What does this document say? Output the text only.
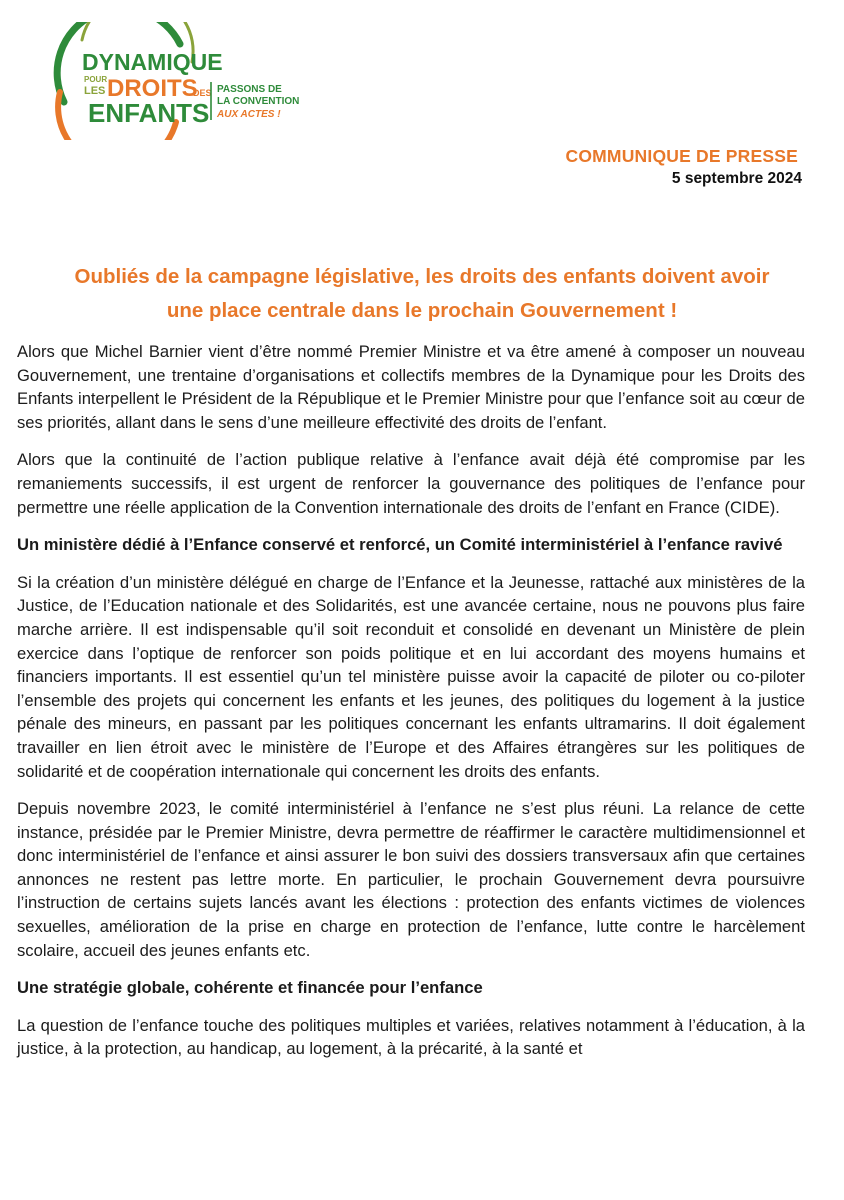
DYNAMIQUE
POUR
LES DROITS
DES
ENFANTS
PASSONS DE
LA CONVENTION
AUX ACTES !
COMMUNIQUE DE PRESSE
5 septembre 2024
Oubliés de la campagne législative, les droits des enfants doivent avoir
une place centrale dans le prochain Gouvernement !

Alors que Michel Barnier vient d’être nommé Premier Ministre et va être amené à composer un nouveau Gouvernement, une trentaine d’organisations et collectifs membres de la Dynamique pour les Droits des Enfants interpellent le Président de la République et le Premier Ministre pour que l’enfance soit au cœur de ses priorités, allant dans le sens d’une meilleure effectivité des droits de l’enfant.

Alors que la continuité de l’action publique relative à l’enfance avait déjà été compromise par les remaniements successifs, il est urgent de renforcer la gouvernance des politiques de l’enfance pour permettre une réelle application de la Convention internationale des droits de l’enfant en France (CIDE).

Un ministère dédié à l’Enfance conservé et renforcé, un Comité interministériel à l’enfance ravivé

Si la création d’un ministère délégué en charge de l’Enfance et la Jeunesse, rattaché aux ministères de la Justice, de l’Education nationale et des Solidarités, est une avancée certaine, nous ne pouvons plus faire marche arrière. Il est indispensable qu’il soit reconduit et consolidé en devenant un Ministère de plein exercice dans l’optique de renforcer son poids politique et en lui accordant des moyens humains et financiers importants. Il est essentiel qu’un tel ministère puisse avoir la capacité de piloter ou co-piloter l’ensemble des projets qui concernent les enfants et les jeunes, des politiques du logement à la justice pénale des mineurs, en passant par les politiques concernant les enfants ultramarins. Il doit également travailler en lien étroit avec le ministère de l’Europe et des Affaires étrangères sur les politiques de solidarité et de coopération internationale qui concernent les droits des enfants.

Depuis novembre 2023, le comité interministériel à l’enfance ne s’est plus réuni. La relance de cette instance, présidée par le Premier Ministre, devra permettre de réaffirmer le caractère multidimensionnel et donc interministériel de l’enfance et ainsi assurer le bon suivi des dossiers transversaux afin que certaines annonces ne restent pas lettre morte. En particulier, le prochain Gouvernement devra poursuivre l’instruction de certains sujets lancés avant les élections : protection des enfants victimes de violences sexuelles, amélioration de la prise en charge en protection de l’enfance, lutte contre le harcèlement scolaire, accueil des jeunes enfants etc.

Une stratégie globale, cohérente et financée pour l’enfance

La question de l’enfance touche des politiques multiples et variées, relatives notamment à l’éducation, à la justice, à la protection, au handicap, au logement, à la précarité, à la santé et
